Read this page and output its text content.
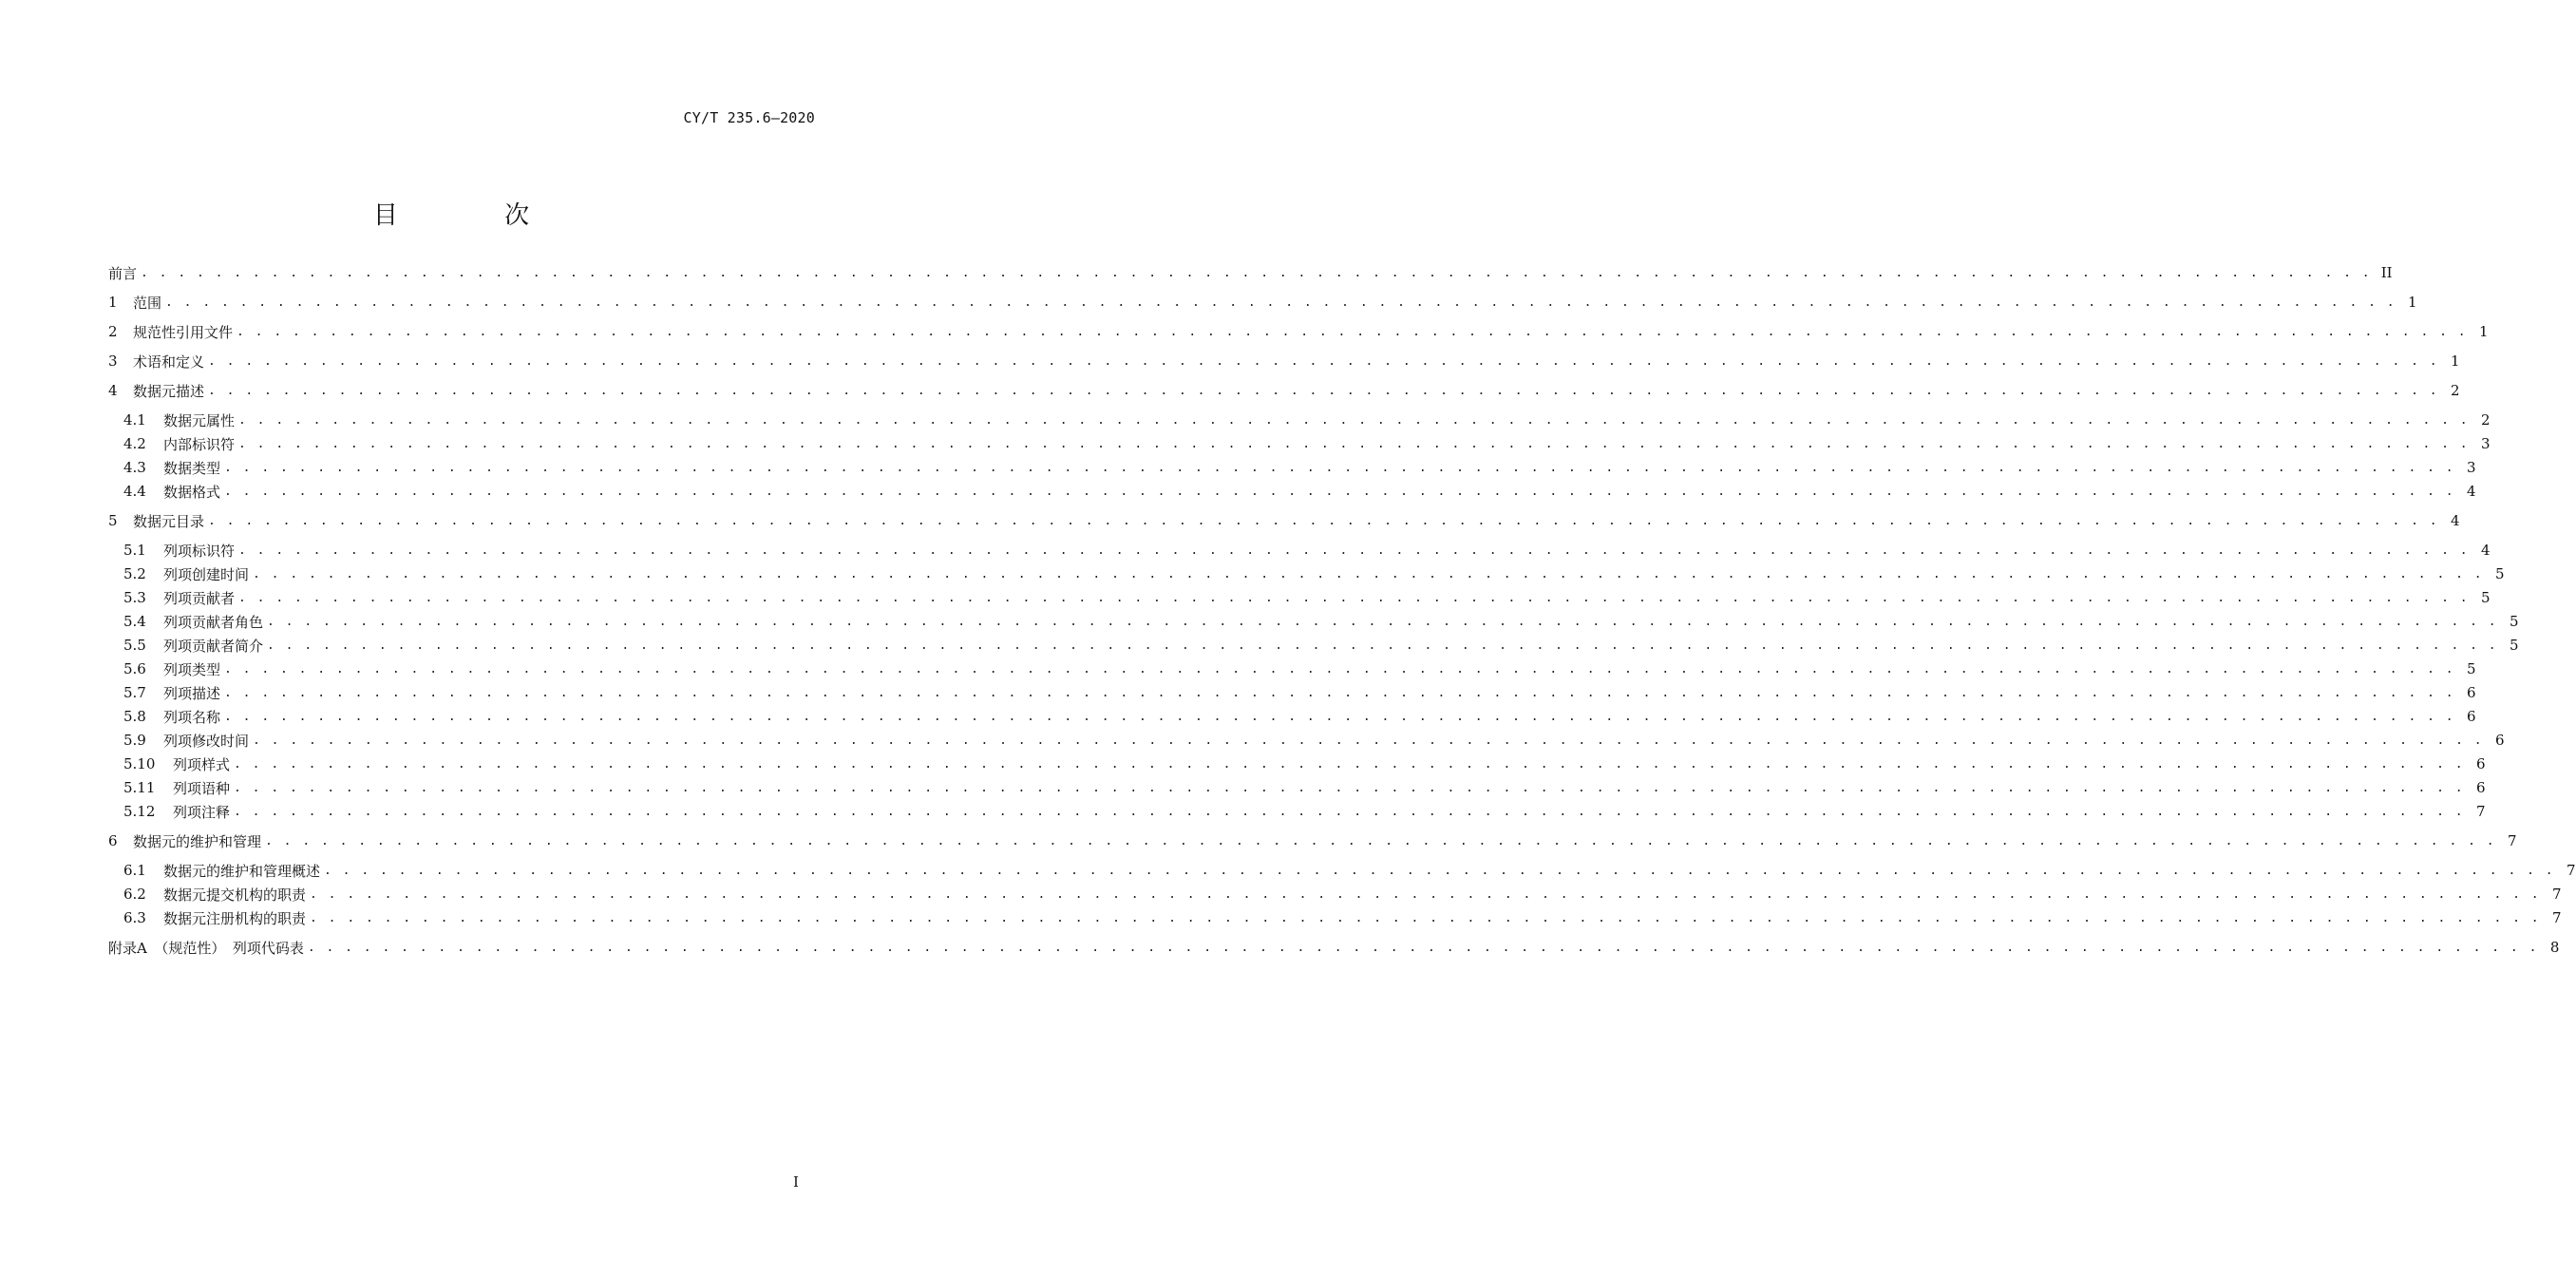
CY/T 235.6—2020
目 次
前言 . . . . . . . . . . . . . . . . . . . . . . . . . . . . . . . . . . . . . . . . . . . . . . . . . . . . . . . . . . . . . . . . . . . . . . . . . . . . . . . . . . . . . . . . . . . . . . . . . . . . . . . . . . . . . . . . . . . . . . . . II
1	范围 . . . . . . . . . . . . . . . . . . . . . . . . . . . . . . . . . . . . . . . . . . . . . . . . . . . . . . . . . . . . . . . . . . . . . . . . . . . . . . . . . . . . . . . . . . . . . . . . . . . . . . . . . . . . . . . . . . . . . . . . 1
2	规范性引用文件 . . . . . . . . . . . . . . . . . . . . . . . . . . . . . . . . . . . . . . . . . . . . . . . . . . . . . . . . . . . . . . . . . . . . . . . . . . . . . . . . . . . . . . . . . . . . . . . . . . . . . . . . . . . . . . . . . . . . . . . . 1
3	术语和定义 . . . . . . . . . . . . . . . . . . . . . . . . . . . . . . . . . . . . . . . . . . . . . . . . . . . . . . . . . . . . . . . . . . . . . . . . . . . . . . . . . . . . . . . . . . . . . . . . . . . . . . . . . . . . . . . . . . . . . . . . 1
4	数据元描述 . . . . . . . . . . . . . . . . . . . . . . . . . . . . . . . . . . . . . . . . . . . . . . . . . . . . . . . . . . . . . . . . . . . . . . . . . . . . . . . . . . . . . . . . . . . . . . . . . . . . . . . . . . . . . . . . . . . . . . . . 2
4.1	数据元属性 . . . . . . . . . . . . . . . . . . . . . . . . . . . . . . . . . . . . . . . . . . . . . . . . . . . . . . . . . . . . . . . . . . . . . . . . . . . . . . . . . . . . . . . . . . . . . . . . . . . . . . . . . . . . . . . . . . . . . . . . 2
4.2	内部标识符 . . . . . . . . . . . . . . . . . . . . . . . . . . . . . . . . . . . . . . . . . . . . . . . . . . . . . . . . . . . . . . . . . . . . . . . . . . . . . . . . . . . . . . . . . . . . . . . . . . . . . . . . . . . . . . . . . . . . . . . . 3
4.3	数据类型 . . . . . . . . . . . . . . . . . . . . . . . . . . . . . . . . . . . . . . . . . . . . . . . . . . . . . . . . . . . . . . . . . . . . . . . . . . . . . . . . . . . . . . . . . . . . . . . . . . . . . . . . . . . . . . . . . . . . . . . . 3
4.4	数据格式 . . . . . . . . . . . . . . . . . . . . . . . . . . . . . . . . . . . . . . . . . . . . . . . . . . . . . . . . . . . . . . . . . . . . . . . . . . . . . . . . . . . . . . . . . . . . . . . . . . . . . . . . . . . . . . . . . . . . . . . . 4
5	数据元目录 . . . . . . . . . . . . . . . . . . . . . . . . . . . . . . . . . . . . . . . . . . . . . . . . . . . . . . . . . . . . . . . . . . . . . . . . . . . . . . . . . . . . . . . . . . . . . . . . . . . . . . . . . . . . . . . . . . . . . . . . 4
5.1	列项标识符 . . . . . . . . . . . . . . . . . . . . . . . . . . . . . . . . . . . . . . . . . . . . . . . . . . . . . . . . . . . . . . . . . . . . . . . . . . . . . . . . . . . . . . . . . . . . . . . . . . . . . . . . . . . . . . . . . . . . . . . . 4
5.2	列项创建时间 . . . . . . . . . . . . . . . . . . . . . . . . . . . . . . . . . . . . . . . . . . . . . . . . . . . . . . . . . . . . . . . . . . . . . . . . . . . . . . . . . . . . . . . . . . . . . . . . . . . . . . . . . . . . . . . . . . . . . . . . 5
5.3	列项贡献者 . . . . . . . . . . . . . . . . . . . . . . . . . . . . . . . . . . . . . . . . . . . . . . . . . . . . . . . . . . . . . . . . . . . . . . . . . . . . . . . . . . . . . . . . . . . . . . . . . . . . . . . . . . . . . . . . . . . . . . . . 5
5.4	列项贡献者角色 . . . . . . . . . . . . . . . . . . . . . . . . . . . . . . . . . . . . . . . . . . . . . . . . . . . . . . . . . . . . . . . . . . . . . . . . . . . . . . . . . . . . . . . . . . . . . . . . . . . . . . . . . . . . . . . . . . . . . . . . 5
5.5	列项贡献者简介 . . . . . . . . . . . . . . . . . . . . . . . . . . . . . . . . . . . . . . . . . . . . . . . . . . . . . . . . . . . . . . . . . . . . . . . . . . . . . . . . . . . . . . . . . . . . . . . . . . . . . . . . . . . . . . . . . . . . . . . . 5
5.6	列项类型 . . . . . . . . . . . . . . . . . . . . . . . . . . . . . . . . . . . . . . . . . . . . . . . . . . . . . . . . . . . . . . . . . . . . . . . . . . . . . . . . . . . . . . . . . . . . . . . . . . . . . . . . . . . . . . . . . . . . . . . . 5
5.7	列项描述 . . . . . . . . . . . . . . . . . . . . . . . . . . . . . . . . . . . . . . . . . . . . . . . . . . . . . . . . . . . . . . . . . . . . . . . . . . . . . . . . . . . . . . . . . . . . . . . . . . . . . . . . . . . . . . . . . . . . . . . . 6
5.8	列项名称 . . . . . . . . . . . . . . . . . . . . . . . . . . . . . . . . . . . . . . . . . . . . . . . . . . . . . . . . . . . . . . . . . . . . . . . . . . . . . . . . . . . . . . . . . . . . . . . . . . . . . . . . . . . . . . . . . . . . . . . . 6
5.9	列项修改时间 . . . . . . . . . . . . . . . . . . . . . . . . . . . . . . . . . . . . . . . . . . . . . . . . . . . . . . . . . . . . . . . . . . . . . . . . . . . . . . . . . . . . . . . . . . . . . . . . . . . . . . . . . . . . . . . . . . . . . . . . 6
5.10	列项样式 . . . . . . . . . . . . . . . . . . . . . . . . . . . . . . . . . . . . . . . . . . . . . . . . . . . . . . . . . . . . . . . . . . . . . . . . . . . . . . . . . . . . . . . . . . . . . . . . . . . . . . . . . . . . . . . . . . . . . . . . 6
5.11	列项语种 . . . . . . . . . . . . . . . . . . . . . . . . . . . . . . . . . . . . . . . . . . . . . . . . . . . . . . . . . . . . . . . . . . . . . . . . . . . . . . . . . . . . . . . . . . . . . . . . . . . . . . . . . . . . . . . . . . . . . . . . 6
5.12	列项注释 . . . . . . . . . . . . . . . . . . . . . . . . . . . . . . . . . . . . . . . . . . . . . . . . . . . . . . . . . . . . . . . . . . . . . . . . . . . . . . . . . . . . . . . . . . . . . . . . . . . . . . . . . . . . . . . . . . . . . . . . 7
6	数据元的维护和管理 . . . . . . . . . . . . . . . . . . . . . . . . . . . . . . . . . . . . . . . . . . . . . . . . . . . . . . . . . . . . . . . . . . . . . . . . . . . . . . . . . . . . . . . . . . . . . . . . . . . . . . . . . . . . . . . . . . . . . . . . 7
6.1	数据元的维护和管理概述 . . . . . . . . . . . . . . . . . . . . . . . . . . . . . . . . . . . . . . . . . . . . . . . . . . . . . . . . . . . . . . . . . . . . . . . . . . . . . . . . . . . . . . . . . . . . . . . . . . . . . . . . . . . . . . . . . . . . . . . . 7
6.2	数据元提交机构的职责 . . . . . . . . . . . . . . . . . . . . . . . . . . . . . . . . . . . . . . . . . . . . . . . . . . . . . . . . . . . . . . . . . . . . . . . . . . . . . . . . . . . . . . . . . . . . . . . . . . . . . . . . . . . . . . . . . . . . . . . . 7
6.3	数据元注册机构的职责 . . . . . . . . . . . . . . . . . . . . . . . . . . . . . . . . . . . . . . . . . . . . . . . . . . . . . . . . . . . . . . . . . . . . . . . . . . . . . . . . . . . . . . . . . . . . . . . . . . . . . . . . . . . . . . . . . . . . . . . . 7
附录A　（规范性）　列项代码表 . . . . . . . . . . . . . . . . . . . . . . . . . . . . . . . . . . . . . . . . . . . . . . . . . . . . . . . . . . . . . . . . . . . . . . . . . . . . . . . . . . . . . . . . . . . . . . . . . . . . . . . . . . . . . . . . . . . . . . . . 8
I
